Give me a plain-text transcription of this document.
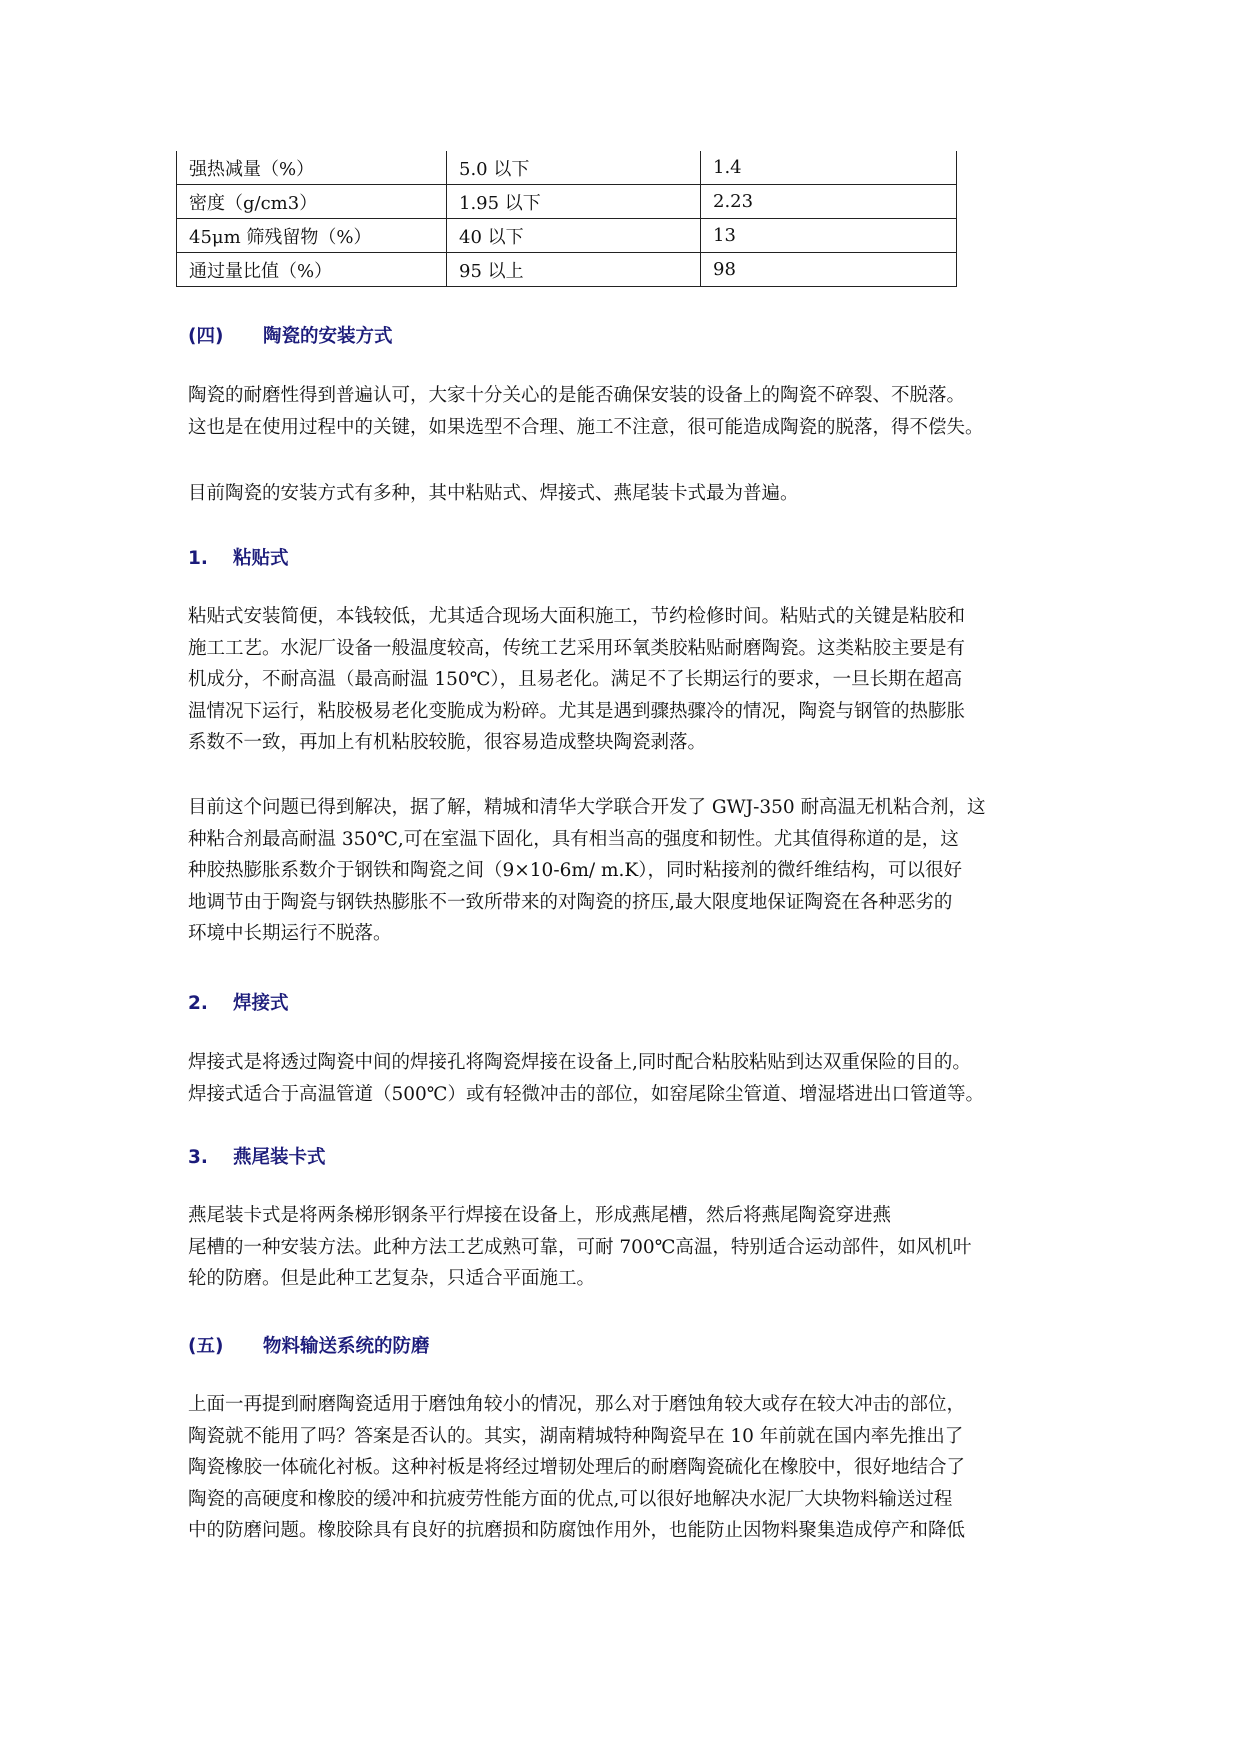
强热减量（%）	5.0 以下	1.4
密度（g/cm3）	1.95 以下	2.23
45μm 筛残留物（%）	40 以下	13
通过量比值（%）	95 以上	98
(四) 陶瓷的安装方式
陶瓷的耐磨性得到普遍认可，大家十分关心的是能否确保安装的设备上的陶瓷不碎裂、不脱落。
这也是在使用过程中的关键，如果选型不合理、施工不注意，很可能造成陶瓷的脱落，得不偿失。
目前陶瓷的安装方式有多种，其中粘贴式、焊接式、燕尾装卡式最为普遍。
1. 粘贴式
粘贴式安装简便，本钱较低，尤其适合现场大面积施工，节约检修时间。粘贴式的关键是粘胶和
施工工艺。水泥厂设备一般温度较高，传统工艺采用环氧类胶粘贴耐磨陶瓷。这类粘胶主要是有
机成分，不耐高温（最高耐温 150℃），且易老化。满足不了长期运行的要求，一旦长期在超高
温情况下运行，粘胶极易老化变脆成为粉碎。尤其是遇到骤热骤冷的情况，陶瓷与钢管的热膨胀
系数不一致，再加上有机粘胶较脆，很容易造成整块陶瓷剥落。
目前这个问题已得到解决，据了解，精城和清华大学联合开发了 GWJ-350 耐高温无机粘合剂，这
种粘合剂最高耐温 350℃,可在室温下固化，具有相当高的强度和韧性。尤其值得称道的是，这
种胶热膨胀系数介于钢铁和陶瓷之间（9×10-6m/ m.K），同时粘接剂的微纤维结构，可以很好
地调节由于陶瓷与钢铁热膨胀不一致所带来的对陶瓷的挤压,最大限度地保证陶瓷在各种恶劣的
环境中长期运行不脱落。
2. 焊接式
焊接式是将透过陶瓷中间的焊接孔将陶瓷焊接在设备上,同时配合粘胶粘贴到达双重保险的目的。
焊接式适合于高温管道（500℃）或有轻微冲击的部位，如窑尾除尘管道、增湿塔进出口管道等。
3. 燕尾装卡式
燕尾装卡式是将两条梯形钢条平行焊接在设备上，形成燕尾槽，然后将燕尾陶瓷穿进燕
尾槽的一种安装方法。此种方法工艺成熟可靠，可耐 700℃高温，特别适合运动部件，如风机叶
轮的防磨。但是此种工艺复杂，只适合平面施工。
(五) 物料输送系统的防磨
上面一再提到耐磨陶瓷适用于磨蚀角较小的情况，那么对于磨蚀角较大或存在较大冲击的部位，
陶瓷就不能用了吗？答案是否认的。其实，湖南精城特种陶瓷早在 10 年前就在国内率先推出了
陶瓷橡胶一体硫化衬板。这种衬板是将经过增韧处理后的耐磨陶瓷硫化在橡胶中，很好地结合了
陶瓷的高硬度和橡胶的缓冲和抗疲劳性能方面的优点,可以很好地解决水泥厂大块物料输送过程
中的防磨问题。橡胶除具有良好的抗磨损和防腐蚀作用外，也能防止因物料聚集造成停产和降低
